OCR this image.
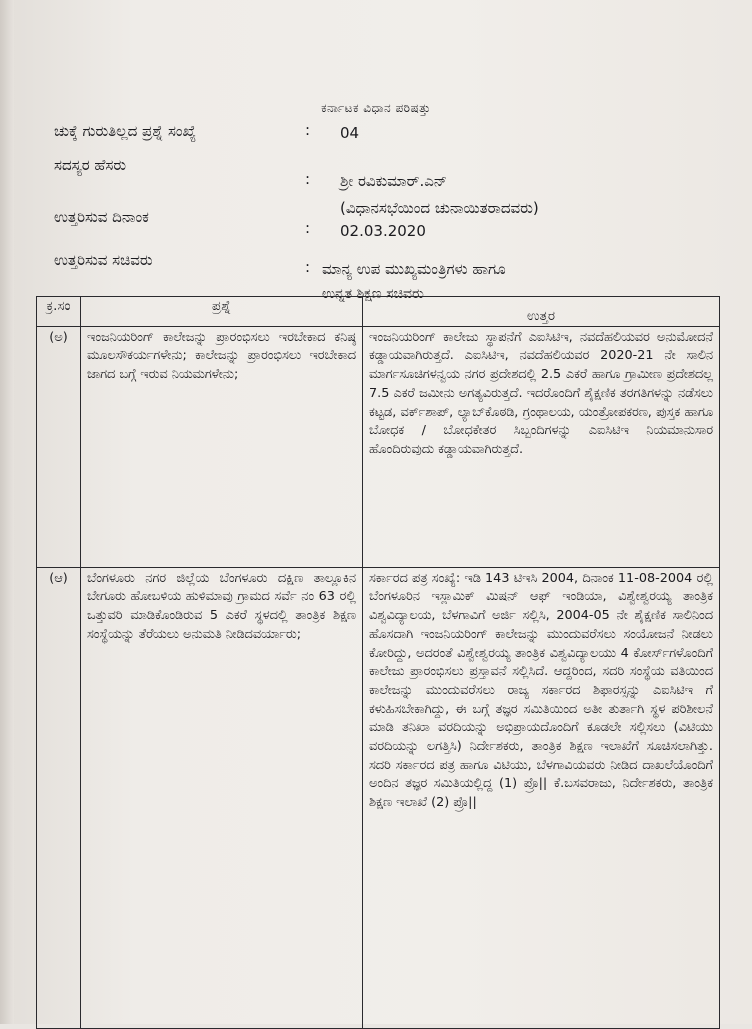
ಕರ್ನಾಟಕ ವಿಧಾನ ಪರಿಷತ್ತು
ಚುಕ್ಕೆ ಗುರುತಿಲ್ಲದ ಪ್ರಶ್ನೆ ಸಂಖ್ಯೆ	: 04
ಸದಸ್ಯರ ಹೆಸರು
: ಶ್ರೀ ರವಿಕುಮಾರ್.ಎನ್
(ವಿಧಾನಸಭೆಯಿಂದ ಚುನಾಯಿತರಾದವರು)
ಉತ್ತರಿಸುವ ದಿನಾಂಕ
: 02.03.2020
ಉತ್ತರಿಸುವ ಸಚಿವರು	: ಮಾನ್ಯ ಉಪ ಮುಖ್ಯಮಂತ್ರಿಗಳು ಹಾಗೂ
ಉನ್ನತ ಶಿಕ್ಷಣ ಸಚಿವರು
ಕ್ರ.ಸಂ	ಪ್ರಶ್ನೆ	ಉತ್ತರ
(ಅ)	ಇಂಜನಿಯರಿಂಗ್ ಕಾಲೇಜನ್ನು ಪ್ರಾರಂಭಿಸಲು ಇರಬೇಕಾದ ಕನಿಷ್ಠ ಮೂಲಸೌಕರ್ಯಗಳೇನು; ಕಾಲೇಜನ್ನು ಪ್ರಾರಂಭಿಸಲು ಇರಬೇಕಾದ ಜಾಗದ ಬಗ್ಗೆ ಇರುವ ನಿಯಮಗಳೇನು;	ಇಂಜನಿಯರಿಂಗ್ ಕಾಲೇಜು ಸ್ಥಾಪನೆಗೆ ಎಐಸಿಟಿಇ, ನವದೆಹಲಿಯವರ ಅನುಮೋದನೆ ಕಡ್ಡಾಯವಾಗಿರುತ್ತದೆ. ಎಐಸಿಟಿಇ, ನವದೆಹಲಿಯವರ 2020-21 ನೇ ಸಾಲಿನ ಮಾರ್ಗಸೂಚಿಗಳನ್ವಯ ನಗರ ಪ್ರದೇಶದಲ್ಲಿ 2.5 ಎಕರೆ ಹಾಗೂ ಗ್ರಾಮೀಣ ಪ್ರದೇಶದಲ್ಲ 7.5 ಎಕರೆ ಜಮೀನು ಅಗತ್ಯವಿರುತ್ತದೆ. ಇದರೊಂದಿಗೆ ಶೈಕ್ಷಣಿಕ ತರಗತಿಗಳನ್ನು ನಡೆಸಲು ಕಟ್ಟಡ, ವರ್ಕ್‌ಶಾಪ್, ಲ್ಯಾಬ್‌ಕೊಠಡಿ, ಗ್ರಂಥಾಲಯ, ಯಂತ್ರೋಪಕರಣ, ಪುಸ್ತಕ ಹಾಗೂ ಬೋಧಕ / ಬೋಧಕೇತರ ಸಿಬ್ಬಂದಿಗಳನ್ನು ಎಐಸಿಟಿಇ ನಿಯಮಾನುಸಾರ ಹೊಂದಿರುವುದು ಕಡ್ಡಾಯವಾಗಿರುತ್ತದೆ.
(ಆ)	ಬೆಂಗಳೂರು ನಗರ ಜಿಲ್ಲೆಯ ಬೆಂಗಳೂರು ದಕ್ಷಿಣ ತಾಲ್ಲೂಕಿನ ಬೇಗೂರು ಹೋಬಳಿಯ ಹುಳಿಮಾವು ಗ್ರಾಮದ ಸರ್ವೆ ನಂ 63 ರಲ್ಲಿ ಒತ್ತುವರಿ ಮಾಡಿಕೊಂಡಿರುವ 5 ಎಕರೆ ಸ್ಥಳದಲ್ಲಿ ತಾಂತ್ರಿಕ ಶಿಕ್ಷಣ ಸಂಸ್ಥೆಯನ್ನು ತೆರೆಯಲು ಅನುಮತಿ ನೀಡಿದವರ್ಯಾರು;	ಸರ್ಕಾರದ ಪತ್ರ ಸಂಖ್ಯೆ: ಇಡಿ 143 ಟಿಇಸಿ 2004, ದಿನಾಂಕ 11-08-2004 ರಲ್ಲಿ ಬೆಂಗಳೂರಿನ ಇಸ್ಲಾಮಿಕ್ ಮಿಷನ್ ಆಫ್ ಇಂಡಿಯಾ, ವಿಶ್ವೇಶ್ವರಯ್ಯ ತಾಂತ್ರಿಕ ವಿಶ್ವವಿದ್ಯಾಲಯ, ಬೆಳಗಾವಿಗೆ ಅರ್ಜಿ ಸಲ್ಲಿಸಿ, 2004-05 ನೇ ಶೈಕ್ಷಣಿಕ ಸಾಲಿನಿಂದ ಹೊಸದಾಗಿ ಇಂಜನಿಯರಿಂಗ್ ಕಾಲೇಜನ್ನು ಮುಂದುವರೆಸಲು ಸಂಯೋಜನೆ ನೀಡಲು ಕೋರಿದ್ದು, ಅದರಂತೆ ವಿಶ್ವೇಶ್ವರಯ್ಯ ತಾಂತ್ರಿಕ ವಿಶ್ವವಿದ್ಯಾಲಯು 4 ಕೋರ್ಸ್‌ಗಳೊಂದಿಗೆ ಕಾಲೇಜು ಪ್ರಾರಂಭಿಸಲು ಪ್ರಸ್ತಾವನೆ ಸಲ್ಲಿಸಿದೆ. ಆದ್ದರಿಂದ, ಸದರಿ ಸಂಸ್ಥೆಯ ವತಿಯಿಂದ ಕಾಲೇಜನ್ನು ಮುಂದುವರೆಸಲು ರಾಜ್ಯ ಸರ್ಕಾರದ ಶಿಫಾರಸ್ಸನ್ನು ಎಐಸಿಟಿಇ ಗೆ ಕಳುಹಿಸಬೇಕಾಗಿದ್ದು, ಈ ಬಗ್ಗೆ ತಜ್ಞರ ಸಮಿತಿಯಿಂದ ಅತೀ ತುರ್ತಾಗಿ ಸ್ಥಳ ಪರಿಶೀಲನೆ ಮಾಡಿ ತನಿಖಾ ವರದಿಯನ್ನು ಅಭಿಪ್ರಾಯದೊಂದಿಗೆ ಕೂಡಲೇ ಸಲ್ಲಿಸಲು (ವಿಟಿಯು ವರದಿಯನ್ನು ಲಗತ್ತಿಸಿ) ನಿರ್ದೇಶಕರು, ತಾಂತ್ರಿಕ ಶಿಕ್ಷಣ ಇಲಾಖೆಗೆ ಸೂಚಿಸಲಾಗಿತ್ತು. ಸದರಿ ಸರ್ಕಾರದ ಪತ್ರ ಹಾಗೂ ವಿಟಿಯು, ಬೆಳಗಾವಿಯವರು ನೀಡಿದ ದಾಖಲೆಯೊಂದಿಗೆ ಅಂದಿನ ತಜ್ಞರ ಸಮಿತಿಯಲ್ಲಿದ್ದ (1) ಪ್ರೊ|| ಕೆ.ಬಸವರಾಜು, ನಿರ್ದೇಶಕರು, ತಾಂತ್ರಿಕ ಶಿಕ್ಷಣ ಇಲಾಖೆ (2) ಪ್ರೊ||
